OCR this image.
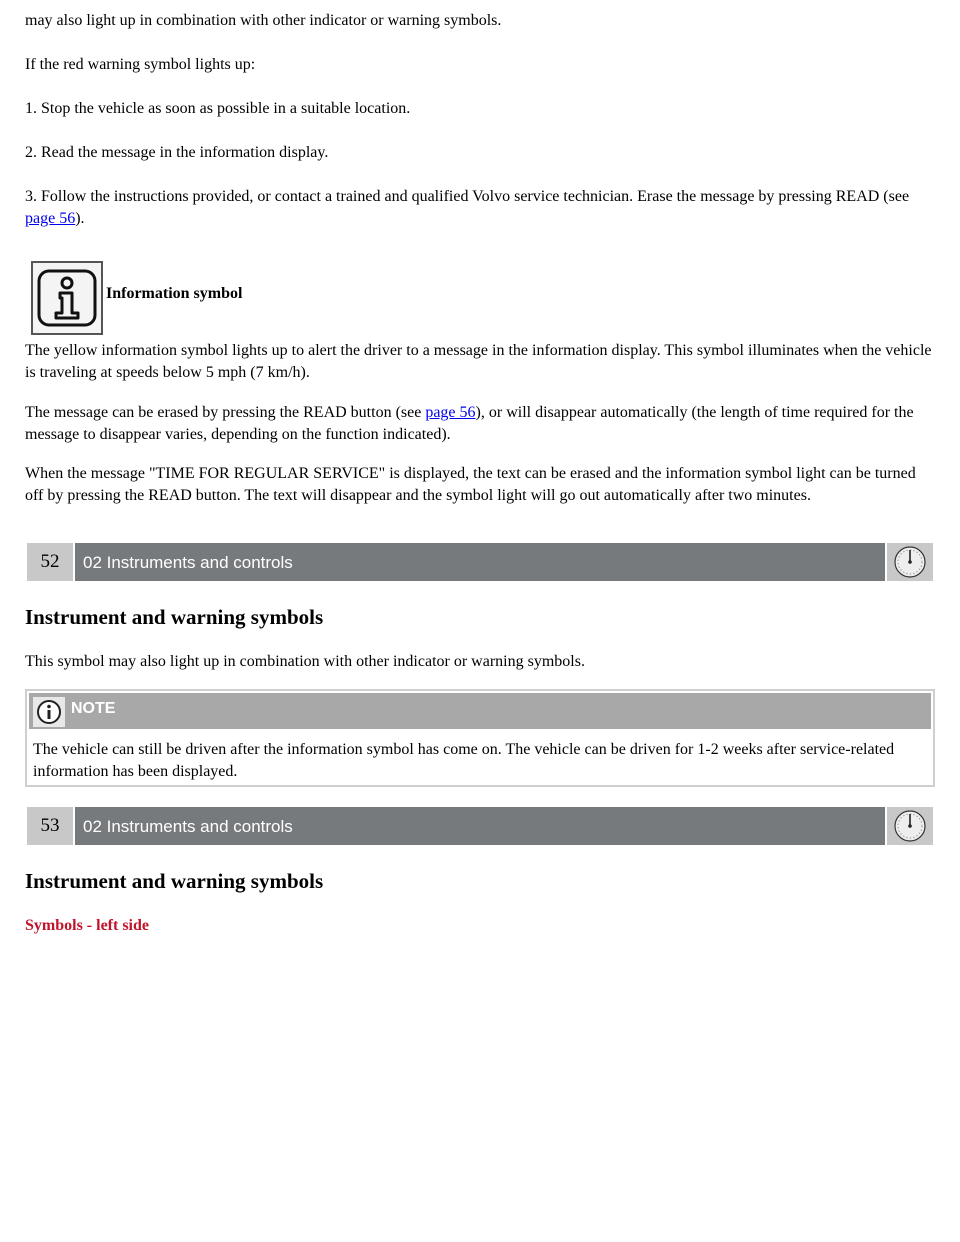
may also light up in combination with other indicator or warning symbols.

If the red warning symbol lights up:

1. Stop the vehicle as soon as possible in a suitable location.

2. Read the message in the information display.

3. Follow the instructions provided, or contact a trained and qualified Volvo service technician. Erase the message by pressing READ (see page 56).

Information symbol

The yellow information symbol lights up to alert the driver to a message in the information display. This symbol illuminates when the vehicle is traveling at speeds below 5 mph (7 km/h).

The message can be erased by pressing the READ button (see page 56), or will disappear automatically (the length of time required for the message to disappear varies, depending on the function indicated).

When the message "TIME FOR REGULAR SERVICE" is displayed, the text can be erased and the information symbol light can be turned off by pressing the READ button. The text will disappear and the symbol light will go out automatically after two minutes.

52	02 Instruments and controls
Instrument and warning symbols

This symbol may also light up in combination with other indicator or warning symbols.

NOTE
The vehicle can still be driven after the information symbol has come on. The vehicle can be driven for 1-2 weeks after service-related information has been displayed.
53	02 Instruments and controls
Instrument and warning symbols
Symbols - left side
